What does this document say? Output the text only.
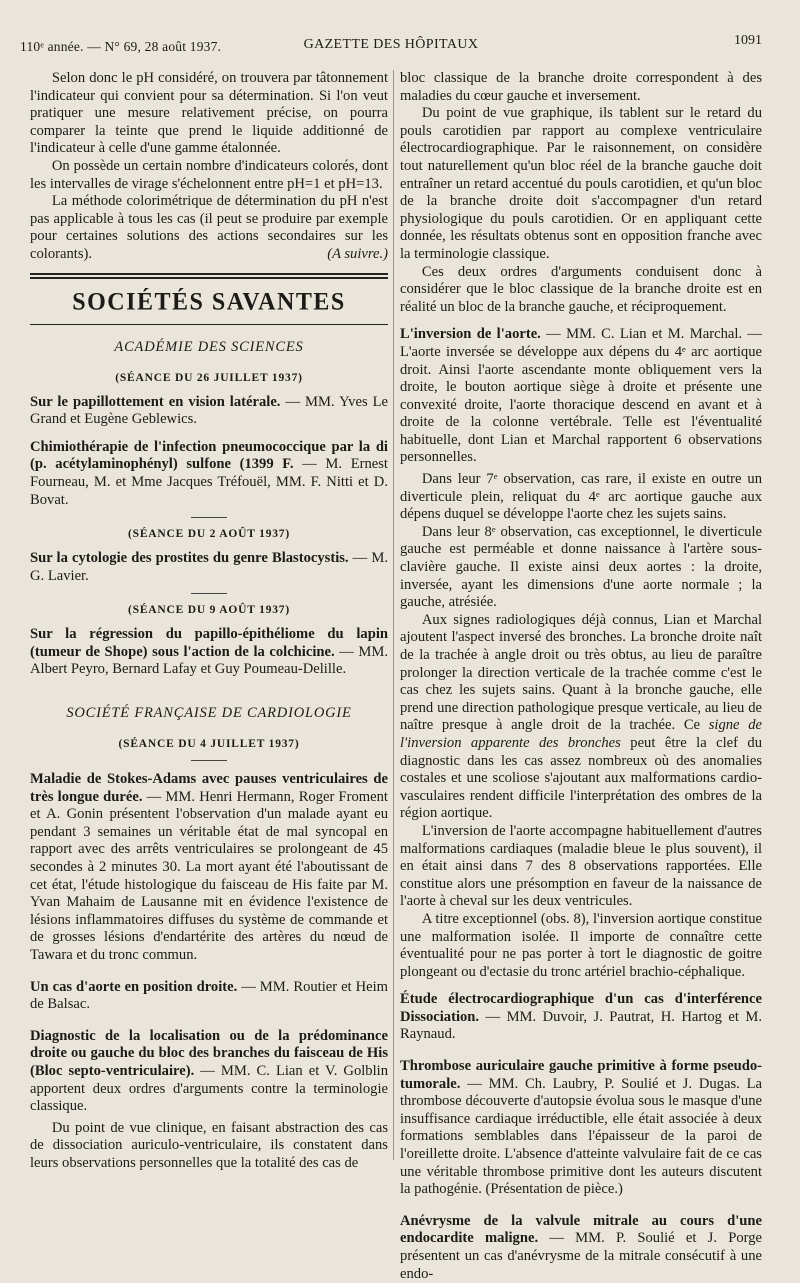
110ᵉ année. — N° 69, 28 août 1937.	GAZETTE DES HÔPITAUX	1091

Selon donc le pH considéré, on trouvera par tâtonnement l'indicateur qui convient pour sa détermination. Si l'on veut pratiquer une mesure relativement précise, on pourra comparer la teinte que prend le liquide additionné de l'indicateur à celle d'une gamme étalonnée.

On possède un certain nombre d'indicateurs colorés, dont les intervalles de virage s'échelonnent entre pH=1 et pH=13.

La méthode colorimétrique de détermination du pH n'est pas applicable à tous les cas (il peut se produire par exemple pour certaines solutions des actions secondaires sur les colorants).	(A suivre.)

SOCIÉTÉS SAVANTES
ACADÉMIE DES SCIENCES
(SÉANCE DU 26 JUILLET 1937)

Sur le papillottement en vision latérale. — MM. Yves Le Grand et Eugène Geblewics.

Chimiothérapie de l'infection pneumococcique par la di (p. acétylaminophényl) sulfone (1399 F. — M. Ernest Fourneau, M. et Mme Jacques Tréfouël, MM. F. Nitti et D. Bovat.

(SÉANCE DU 2 AOÛT 1937)

Sur la cytologie des prostites du genre Blastocystis. — M. G. Lavier.

(SÉANCE DU 9 AOÛT 1937)

Sur la régression du papillo-épithéliome du lapin (tumeur de Shope) sous l'action de la colchicine. — MM. Albert Peyro, Bernard Lafay et Guy Poumeau-Delille.

SOCIÉTÉ FRANÇAISE DE CARDIOLOGIE
(SÉANCE DU 4 JUILLET 1937)

Maladie de Stokes-Adams avec pauses ventriculaires de très longue durée. — MM. Henri Hermann, Roger Froment et A. Gonin présentent l'observation d'un malade ayant eu pendant 3 semaines un véritable état de mal syncopal en rapport avec des arrêts ventriculaires se prolongeant de 45 secondes à 2 minutes 30. La mort ayant été l'aboutissant de cet état, l'étude histologique du faisceau de His faite par M. Yvan Mahaim de Lausanne mit en évidence l'existence de lésions inflammatoires diffuses du système de commande et de grosses lésions d'endartérite des artères du nœud de Tawara et du tronc commun.

Un cas d'aorte en position droite. — MM. Routier et Heim de Balsac.

Diagnostic de la localisation ou de la prédominance droite ou gauche du bloc des branches du faisceau de His (Bloc septo-ventriculaire). — MM. C. Lian et V. Golblin apportent deux ordres d'arguments contre la terminologie classique.

Du point de vue clinique, en faisant abstraction des cas de dissociation auriculo-ventriculaire, ils constatent dans leurs observations personnelles que la totalité des cas de

bloc classique de la branche droite correspondent à des maladies du cœur gauche et inversement.

Du point de vue graphique, ils tablent sur le retard du pouls carotidien par rapport au complexe ventriculaire électrocardiographique. Par le raisonnement, on considère tout naturellement qu'un bloc réel de la branche gauche doit entraîner un retard accentué du pouls carotidien, et qu'un bloc de la branche droite doit s'accompagner d'un retard physiologique du pouls carotidien. Or en appliquant cette donnée, les résultats obtenus sont en opposition franche avec la terminologie classique.

Ces deux ordres d'arguments conduisent donc à considérer que le bloc classique de la branche droite est en réalité un bloc de la branche gauche, et réciproquement.

L'inversion de l'aorte. — MM. C. Lian et M. Marchal. — L'aorte inversée se développe aux dépens du 4ᵉ arc aortique droit. Ainsi l'aorte ascendante monte obliquement vers la droite, le bouton aortique siège à droite et présente une convexité droite, l'aorte thoracique descend en avant et à droite de la colonne vertébrale. Telle est l'éventualité habituelle, dont Lian et Marchal rapportent 6 observations personnelles.

Dans leur 7ᵉ observation, cas rare, il existe en outre un diverticule plein, reliquat du 4ᵉ arc aortique gauche aux dépens duquel se développe l'aorte chez les sujets sains.

Dans leur 8ᵉ observation, cas exceptionnel, le diverticule gauche est perméable et donne naissance à l'artère sous-clavière gauche. Il existe ainsi deux aortes : la droite, inversée, ayant les dimensions d'une aorte normale ; la gauche, atrésiée.

Aux signes radiologiques déjà connus, Lian et Marchal ajoutent l'aspect inversé des bronches. La bronche droite naît de la trachée à angle droit ou très obtus, au lieu de paraître prolonger la direction verticale de la trachée comme c'est le cas chez les sujets sains. Quant à la bronche gauche, elle prend une direction pathologique presque verticale, au lieu de naître presque à angle droit de la trachée. Ce signe de l'inversion apparente des bronches peut être la clef du diagnostic dans les cas assez nombreux où des anomalies costales et une scoliose s'ajoutant aux malformations cardio-vasculaires rendent difficile l'interprétation des ombres de la région aortique.

L'inversion de l'aorte accompagne habituellement d'autres malformations cardiaques (maladie bleue le plus souvent), il en était ainsi dans 7 des 8 observations rapportées. Elle constitue alors une présomption en faveur de la naissance de l'aorte à cheval sur les deux ventricules.

A titre exceptionnel (obs. 8), l'inversion aortique constitue une malformation isolée. Il importe de connaître cette éventualité pour ne pas porter à tort le diagnostic de goitre plongeant ou d'ectasie du tronc artériel brachio-céphalique.

Étude électrocardiographique d'un cas d'interférence Dissociation. — MM. Duvoir, J. Pautrat, H. Hartog et M. Raynaud.

Thrombose auriculaire gauche primitive à forme pseudo-tumorale. — MM. Ch. Laubry, P. Soulié et J. Dugas. La thrombose découverte d'autopsie évolua sous le masque d'une insuffisance cardiaque irréductible, elle était associée à deux formations semblables dans l'épaisseur de la paroi de l'oreillette droite. L'absence d'atteinte valvulaire fait de ce cas une véritable thrombose primitive dont les auteurs discutent la pathogénie. (Présentation de pièce.)

Anévrysme de la valvule mitrale au cours d'une endocardite maligne. — MM. P. Soulié et J. Porge présentent un cas d'anévrysme de la mitrale consécutif à une endo-
